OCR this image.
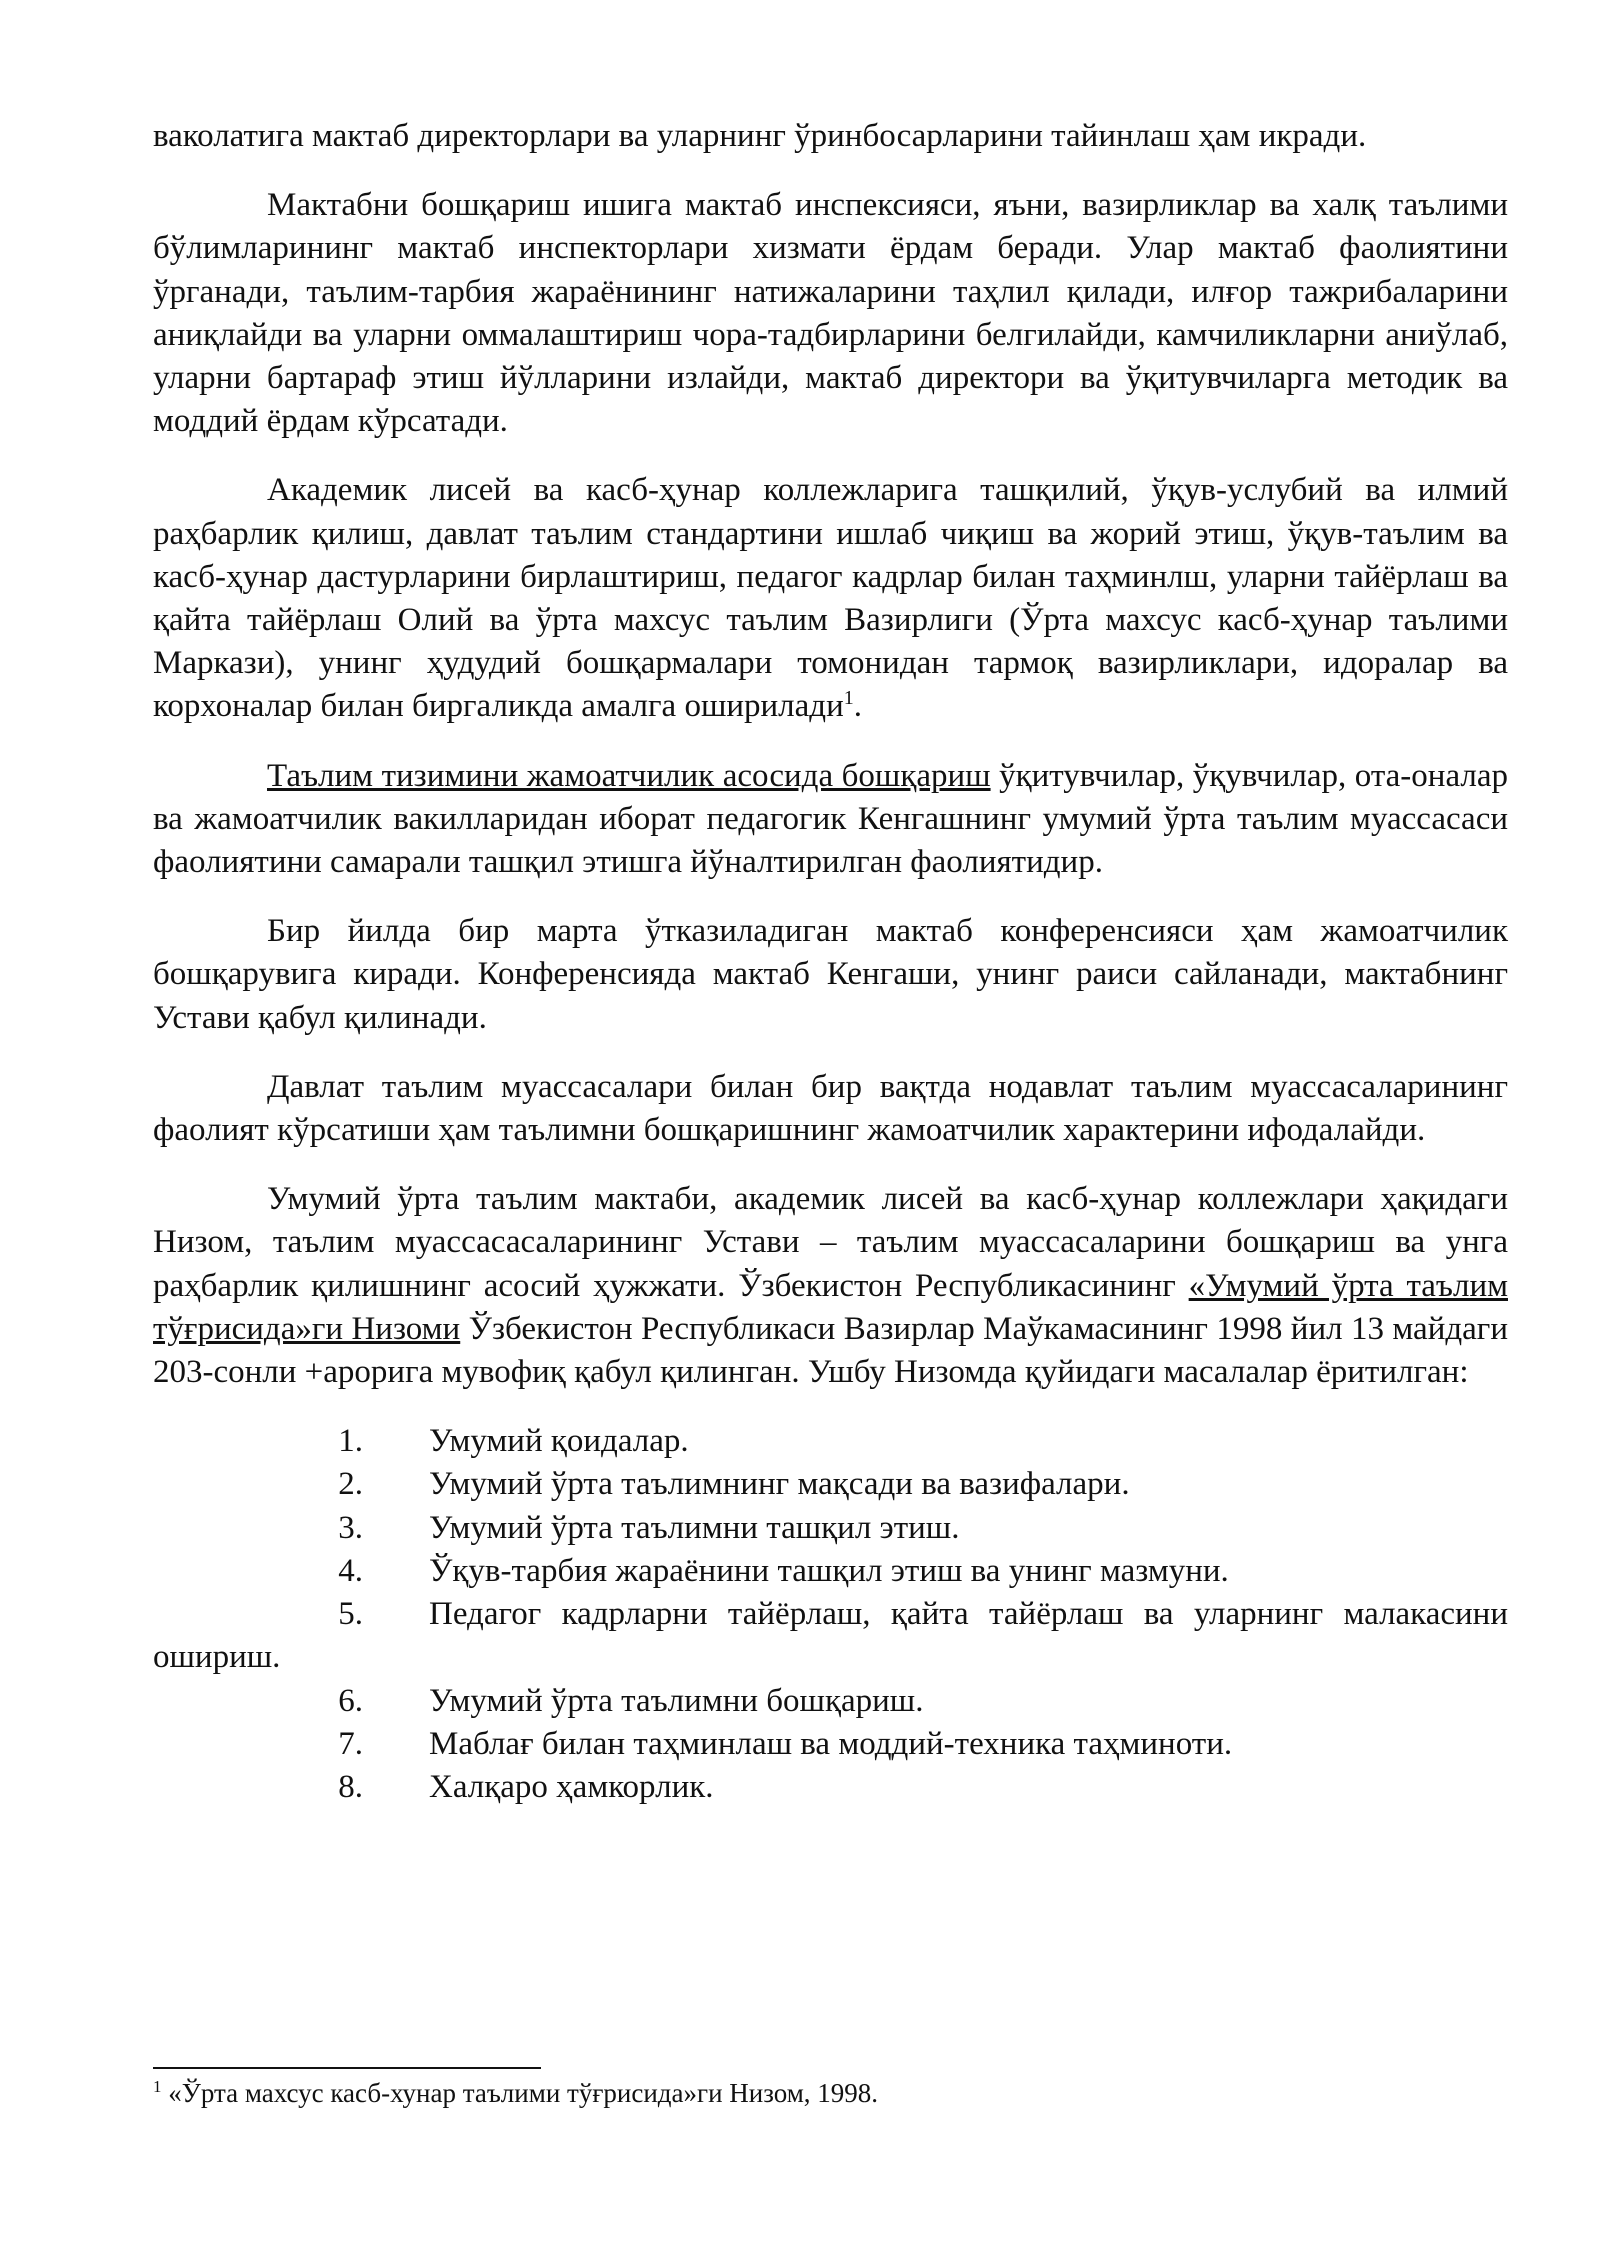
ваколатига мактаб директорлари ва уларнинг ўринбосарларини тайинлаш ҳам икради.

Мактабни бошқариш ишига мактаб инспексияси, яъни, вазирликлар ва халқ таълими бўлимларининг мактаб инспекторлари хизмати ёрдам беради. Улар мактаб фаолиятини ўрганади, таълим-тарбия жараёнининг натижаларини таҳлил қилади, илғор тажрибаларини аниқлайди ва уларни оммалаштириш чора-тадбирларини белгилайди, камчиликларни аниўлаб, уларни бартараф этиш йўлларини излайди, мактаб директори ва ўқитувчиларга методик ва моддий ёрдам кўрсатади.

Академик лисей ва касб-ҳунар коллежларига ташқилий, ўқув-услубий ва илмий раҳбарлик қилиш, давлат таълим стандартини ишлаб чиқиш ва жорий этиш, ўқув-таълим ва касб-ҳунар дастурларини бирлаштириш, педагог кадрлар билан таҳминлш, уларни тайёрлаш ва қайта тайёрлаш Олий ва ўрта махсус таълим Вазирлиги (Ўрта махсус касб-ҳунар таълими Маркази), унинг ҳудудий бошқармалари томонидан тармоқ вазирликлари, идоралар ва корхоналар билан биргаликда амалга оширилади$^1$.

Таълим тизимини жамоатчилик асосида бошқариш ўқитувчилар, ўқувчилар, ота-оналар ва жамоатчилик вакилларидан иборат педагогик Кенгашнинг умумий ўрта таълим муассасаси фаолиятини самарали ташқил этишга йўналтирилган фаолиятидир.

Бир йилда бир марта ўтказиладиган мактаб конференсияси ҳам жамоатчилик бошқарувига киради. Конференсияда мактаб Кенгаши, унинг раиси сайланади, мактабнинг Устави қабул қилинади.

Давлат таълим муассасалари билан бир вақтда нодавлат таълим муассасаларининг фаолият кўрсатиши ҳам таълимни бошқаришнинг жамоатчилик характерини ифодалайди.

Умумий ўрта таълим мактаби, академик лисей ва касб-ҳунар коллежлари ҳақидаги Низом, таълим муассасасаларининг Устави – таълим муассасаларини бошқариш ва унга раҳбарлик қилишнинг асосий ҳужжати. Ўзбекистон Республикасининг «Умумий ўрта таълим тўғрисида»ги Низоми Ўзбекистон Республикаси Вазирлар Маўкамасининг 1998 йил 13 майдаги 203-сонли +арорига мувофиқ қабул қилинган. Ушбу Низомда қуйидаги масалалар ёритилган:

1. Умумий қоидалар.
2. Умумий ўрта таълимнинг мақсади ва вазифалари.
3. Умумий ўрта таълимни ташқил этиш.
4. Ўқув-тарбия жараёнини ташқил этиш ва унинг мазмуни.
5. Педагог кадрларни тайёрлаш, қайта тайёрлаш ва уларнинг малакасини ошириш.
6. Умумий ўрта таълимни бошқариш.
7. Маблағ билан таҳминлаш ва моддий-техника таҳминоти.
8. Халқаро ҳамкорлик.
$^1$ «Ўрта махсус касб-хунар таълими тўғрисида»ги Низом, 1998.
